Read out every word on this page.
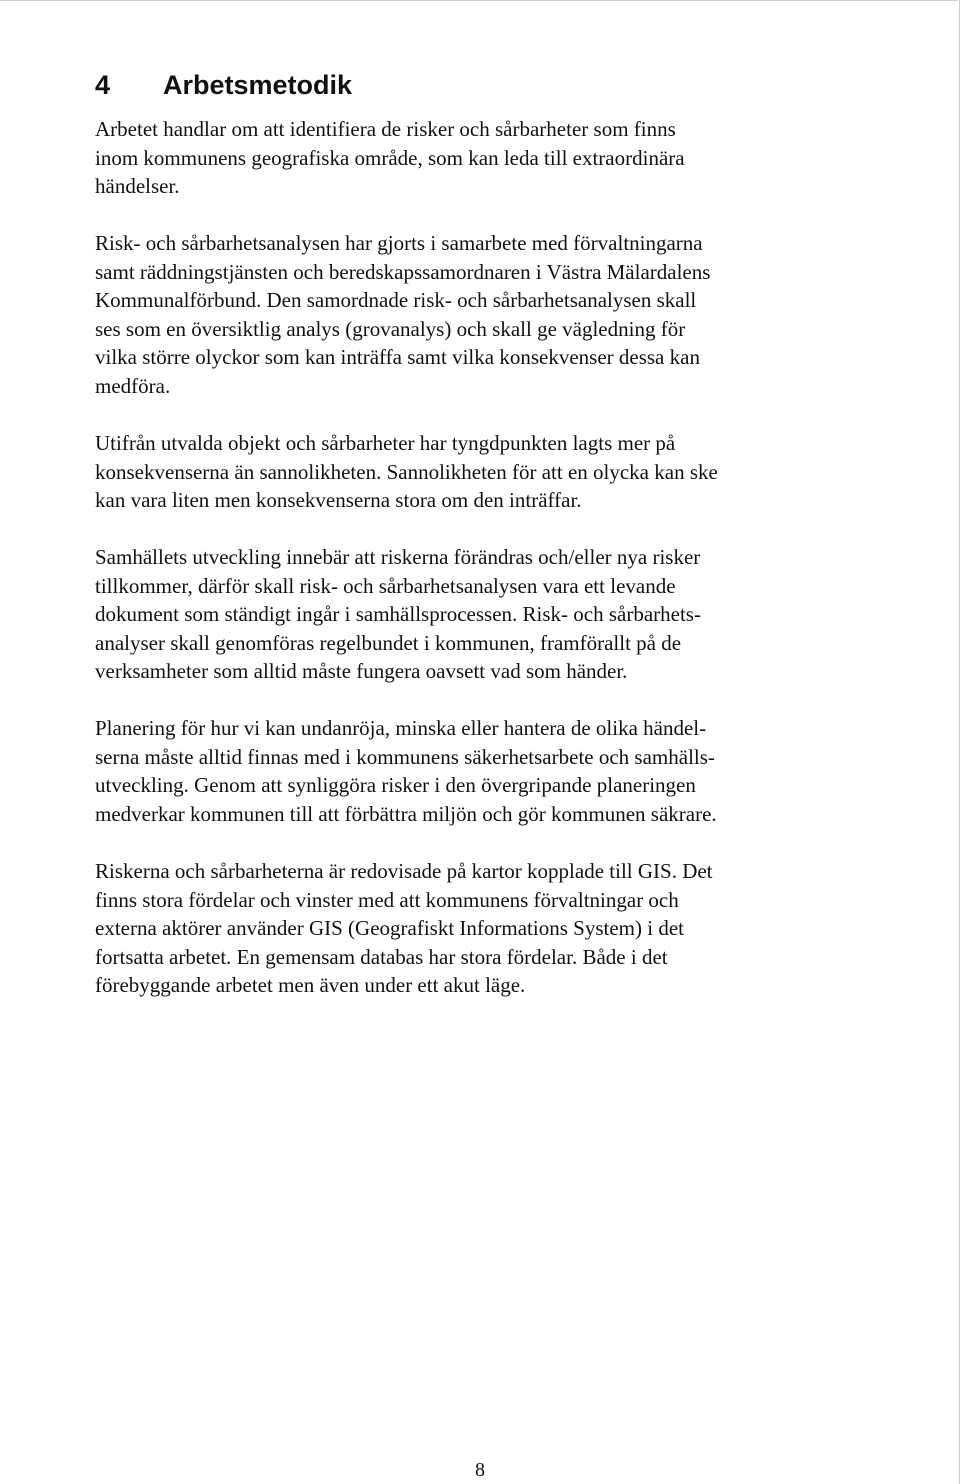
4 Arbetsmetodik

Arbetet handlar om att identifiera de risker och sårbarheter som finns
inom kommunens geografiska område, som kan leda till extraordinära
händelser.

Risk- och sårbarhetsanalysen har gjorts i samarbete med förvaltningarna
samt räddningstjänsten och beredskapssamordnaren i Västra Mälardalens
Kommunalförbund. Den samordnade risk- och sårbarhetsanalysen skall
ses som en översiktlig analys (grovanalys) och skall ge vägledning för
vilka större olyckor som kan inträffa samt vilka konsekvenser dessa kan
medföra.

Utifrån utvalda objekt och sårbarheter har tyngdpunkten lagts mer på
konsekvenserna än sannolikheten. Sannolikheten för att en olycka kan ske
kan vara liten men konsekvenserna stora om den inträffar.

Samhällets utveckling innebär att riskerna förändras och/eller nya risker
tillkommer, därför skall risk- och sårbarhetsanalysen vara ett levande
dokument som ständigt ingår i samhällsprocessen. Risk- och sårbarhets-
analyser skall genomföras regelbundet i kommunen, framförallt på de
verksamheter som alltid måste fungera oavsett vad som händer.

Planering för hur vi kan undanröja, minska eller hantera de olika händel-
serna måste alltid finnas med i kommunens säkerhetsarbete och samhälls-
utveckling. Genom att synliggöra risker i den övergripande planeringen
medverkar kommunen till att förbättra miljön och gör kommunen säkrare.

Riskerna och sårbarheterna är redovisade på kartor kopplade till GIS. Det
finns stora fördelar och vinster med att kommunens förvaltningar och
externa aktörer använder GIS (Geografiskt Informations System) i det
fortsatta arbetet. En gemensam databas har stora fördelar. Både i det
förebyggande arbetet men även under ett akut läge.

8
